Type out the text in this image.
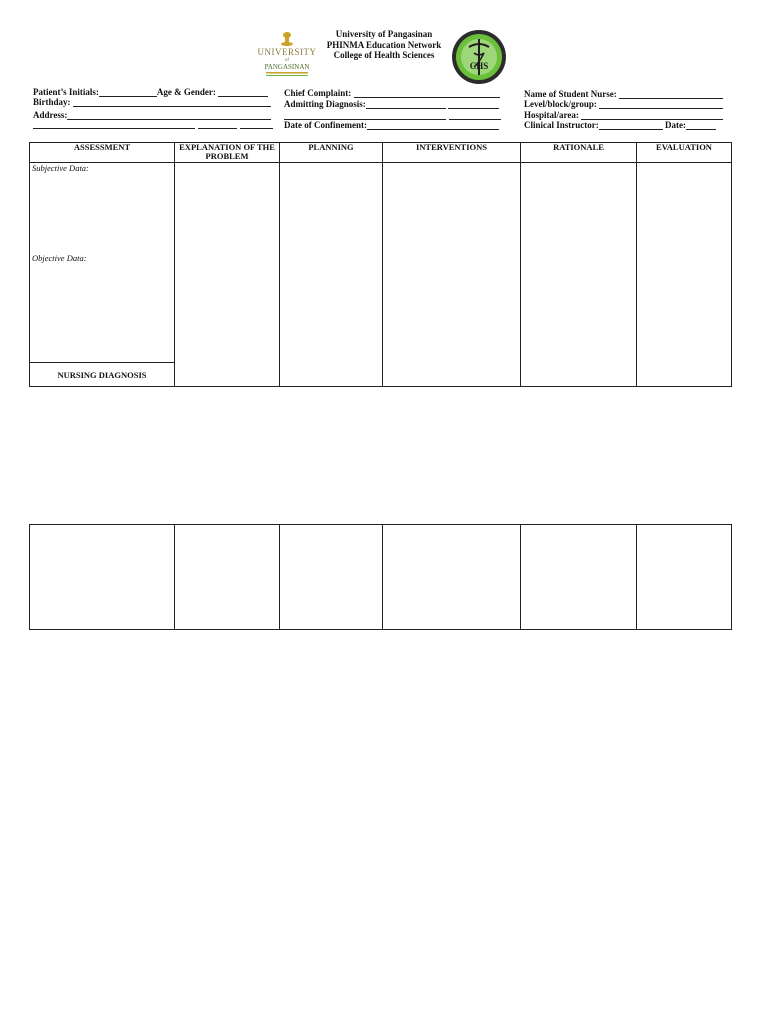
UNIVERSITY
of
PANGASINAN
University of Pangasinan
PHINMA Education Network
College of Health Sciences
CHS
Patient’s Initials:	Age & Gender:
Birthday:
Address:
Chief Complaint:
Admitting Diagnosis:
Date of Confinement:
Name of Student Nurse:
Level/block/group:
Hospital/area:
Clinical Instructor:	Date:
ASSESSMENT	EXPLANATION OF THE PROBLEM	PLANNING	INTERVENTIONS	RATIONALE	EVALUATION

Subjective Data:
Objective Data:					

NURSING DIAGNOSIS					
